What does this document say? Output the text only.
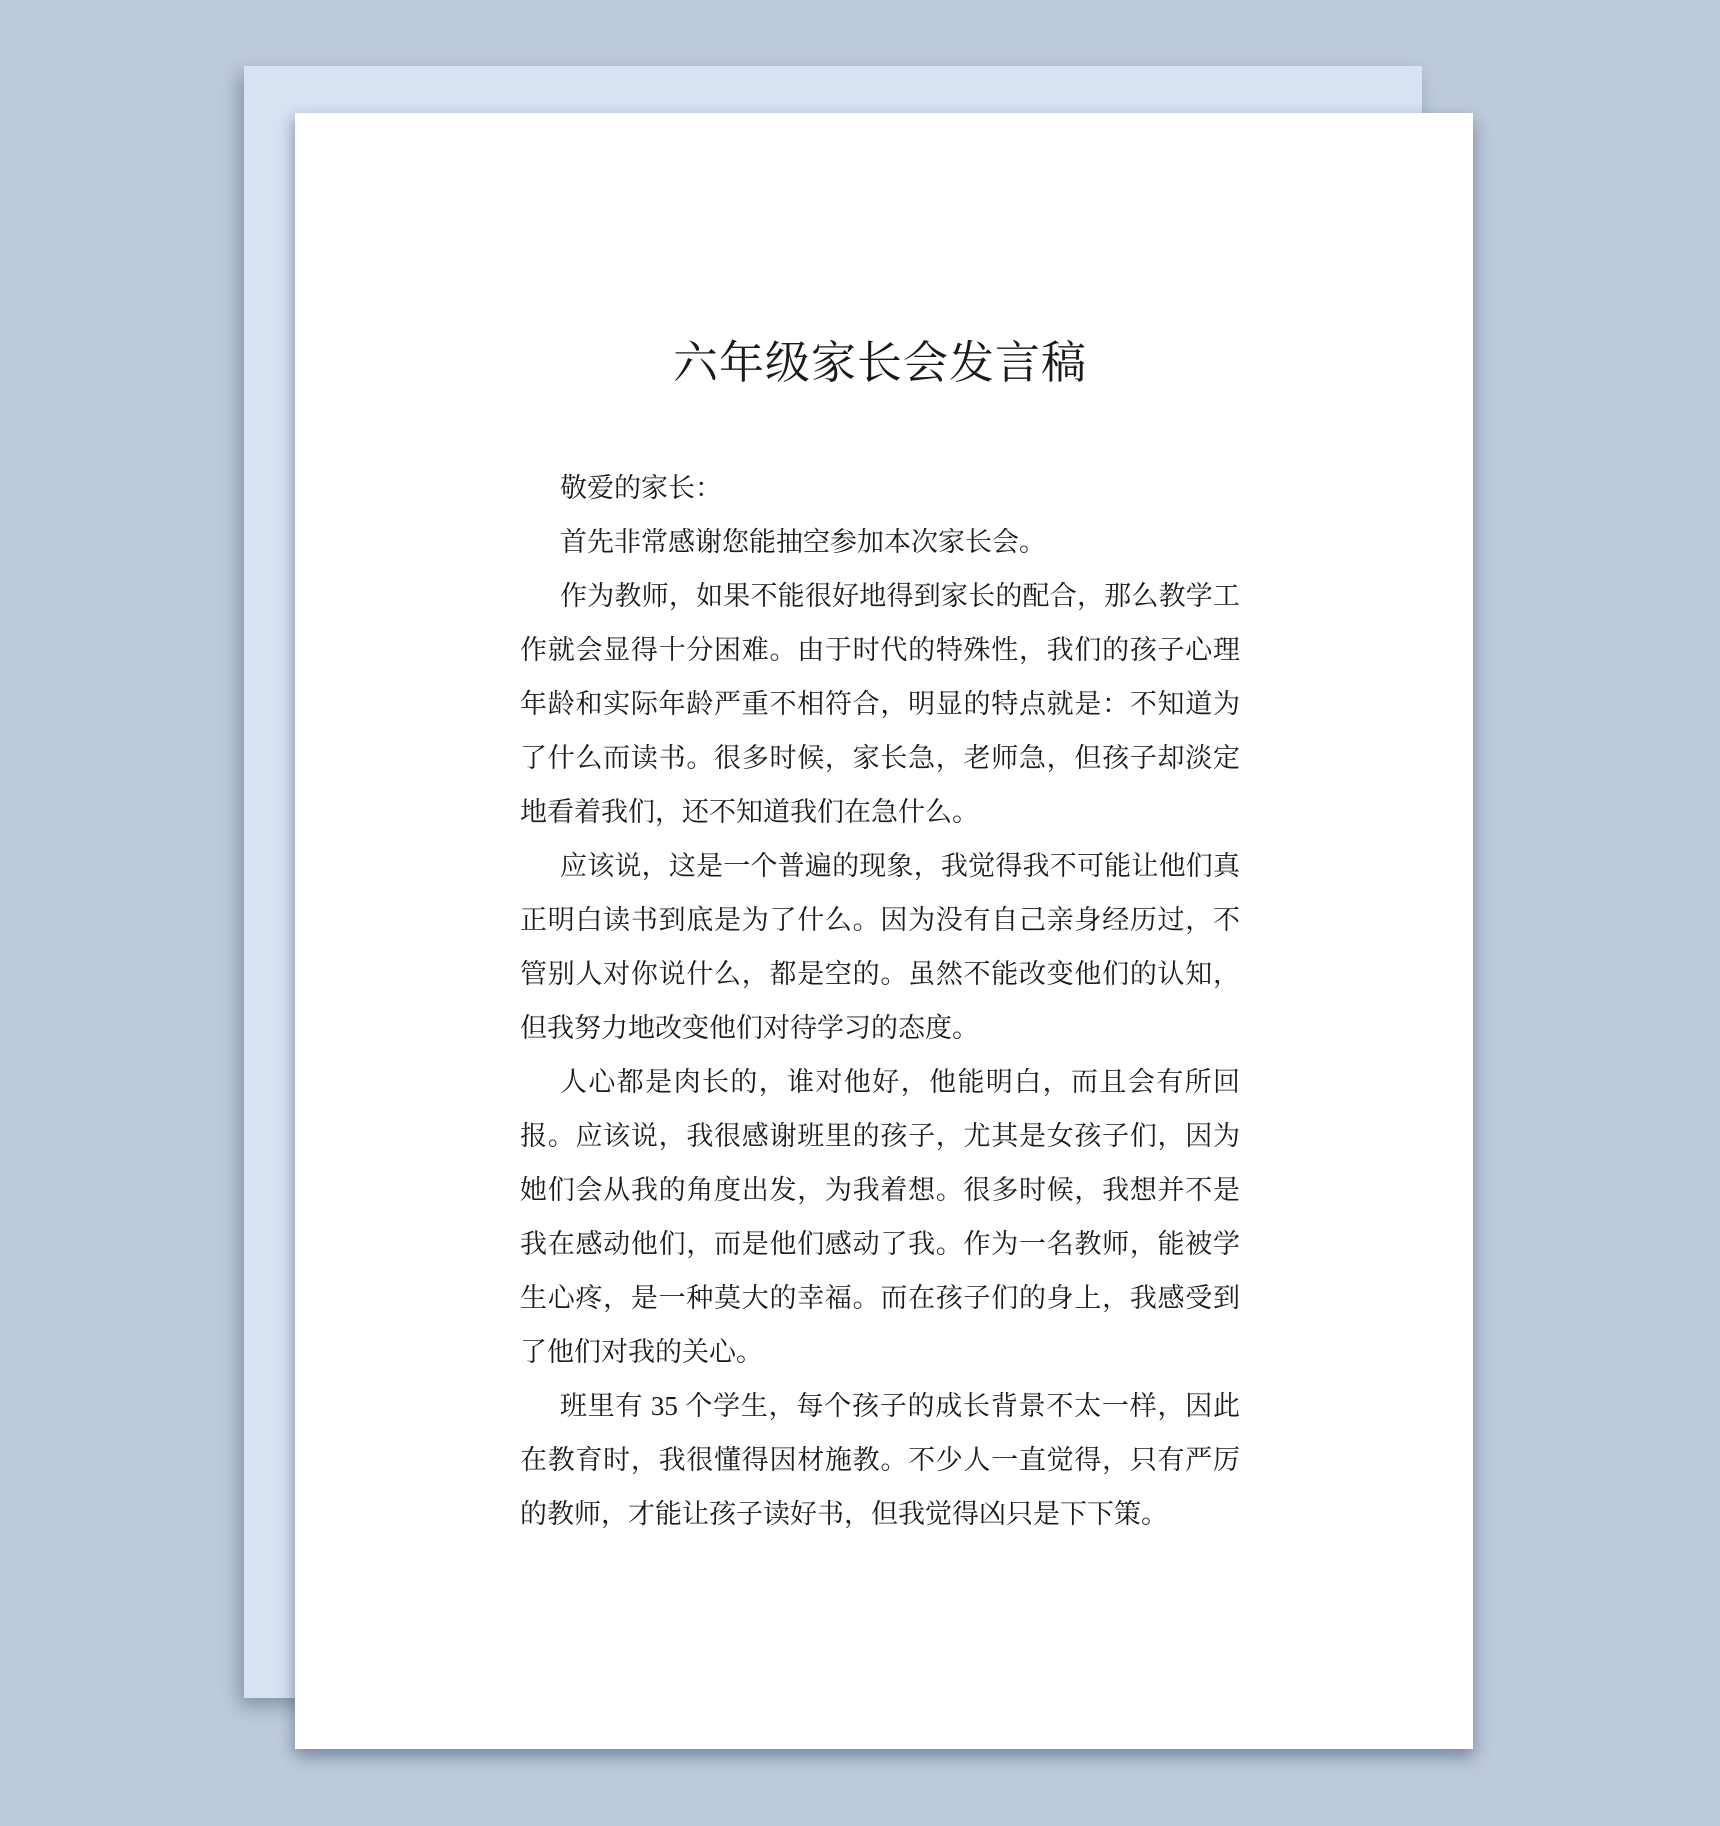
六年级家长会发言稿

敬爱的家长：

首先非常感谢您能抽空参加本次家长会。

作为教师，如果不能很好地得到家长的配合，那么教学工作就会显得十分困难。由于时代的特殊性，我们的孩子心理年龄和实际年龄严重不相符合，明显的特点就是：不知道为了什么而读书。很多时候，家长急，老师急，但孩子却淡定地看着我们，还不知道我们在急什么。

应该说，这是一个普遍的现象，我觉得我不可能让他们真正明白读书到底是为了什么。因为没有自己亲身经历过，不管别人对你说什么，都是空的。虽然不能改变他们的认知，但我努力地改变他们对待学习的态度。

人心都是肉长的，谁对他好，他能明白，而且会有所回报。应该说，我很感谢班里的孩子，尤其是女孩子们，因为她们会从我的角度出发，为我着想。很多时候，我想并不是我在感动他们，而是他们感动了我。作为一名教师，能被学生心疼，是一种莫大的幸福。而在孩子们的身上，我感受到了他们对我的关心。

班里有 35 个学生，每个孩子的成长背景不太一样，因此在教育时，我很懂得因材施教。不少人一直觉得，只有严厉的教师，才能让孩子读好书，但我觉得凶只是下下策。
